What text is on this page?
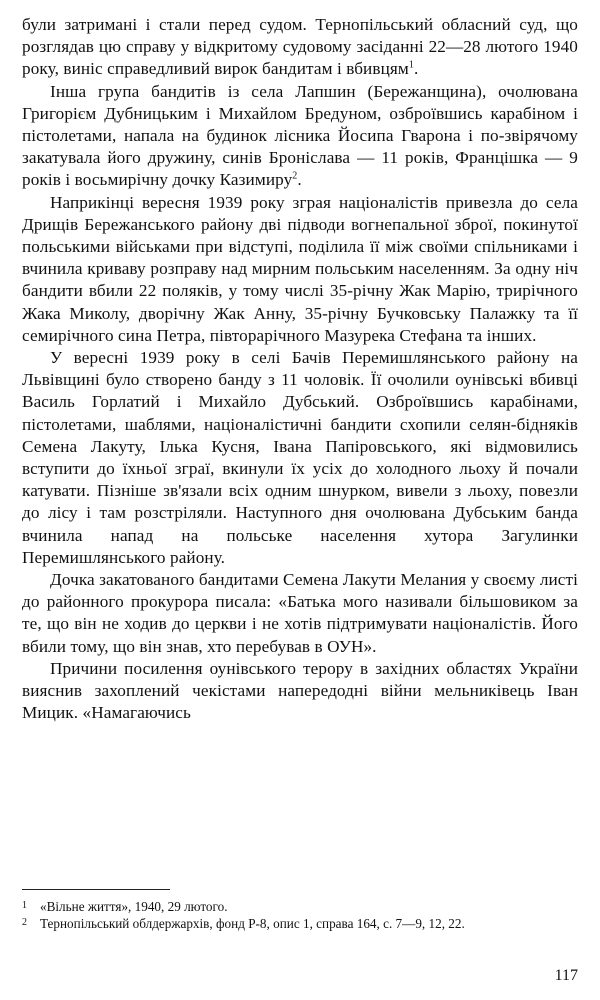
були затримані і стали перед судом. Тернопільський обласний суд, що розглядав цю справу у відкритому судовому засіданні 22—28 лютого 1940 року, виніс справедливий вирок бандитам і вбивцям$^1$.

Інша група бандитів із села Лапшин (Бережанщина), очолювана Григорієм Дубницьким і Михайлом Бредуном, озброївшись карабіном і пістолетами, напала на будинок лісника Йосипа Гварона і по-звірячому закатувала його дружину, синів Броніслава — 11 років, Францішка — 9 років і восьмирічну дочку Казимиру$^2$.

Наприкінці вересня 1939 року зграя націоналістів привезла до села Дрищів Бережанського району дві підводи вогнепальної зброї, покинутої польськими військами при відступі, поділила її між своїми спільниками і вчинила криваву розправу над мирним польським населенням. За одну ніч бандити вбили 22 поляків, у тому числі 35-річну Жак Марію, трирічного Жака Миколу, дворічну Жак Анну, 35-річну Бучковську Палажку та її семирічного сина Петра, півторарічного Мазурека Стефана та інших.

У вересні 1939 року в селі Бачів Перемишлянського району на Львівщині було створено банду з 11 чоловік. Її очолили оунівські вбивці Василь Горлатий і Михайло Дубський. Озброївшись карабінами, пістолетами, шаблями, націоналістичні бандити схопили селян-бідняків Семена Лакуту, Ілька Кусня, Івана Папіровського, які відмовились вступити до їхньої зграї, вкинули їх усіх до холодного льоху й почали катувати. Пізніше зв'язали всіх одним шнурком, вивели з льоху, повезли до лісу і там розстріляли. Наступного дня очолювана Дубським банда вчинила напад на польське населення хутора Загулинки Перемишлянського району.

Дочка закатованого бандитами Семена Лакути Мелания у своєму листі до районного прокурора писала: «Батька мого називали більшовиком за те, що він не ходив до церкви і не хотів підтримувати націоналістів. Його вбили тому, що він знав, хто перебував в ОУН».

Причини посилення оунівського терору в західних областях України вияснив захоплений чекістами напередодні війни мельниківець Іван Мицик. «Намагаючись

1 «Вільне життя», 1940, 29 лютого.
2 Тернопільський облдержархів, фонд Р-8, опис 1, справа 164, с. 7—9, 12, 22.
117
